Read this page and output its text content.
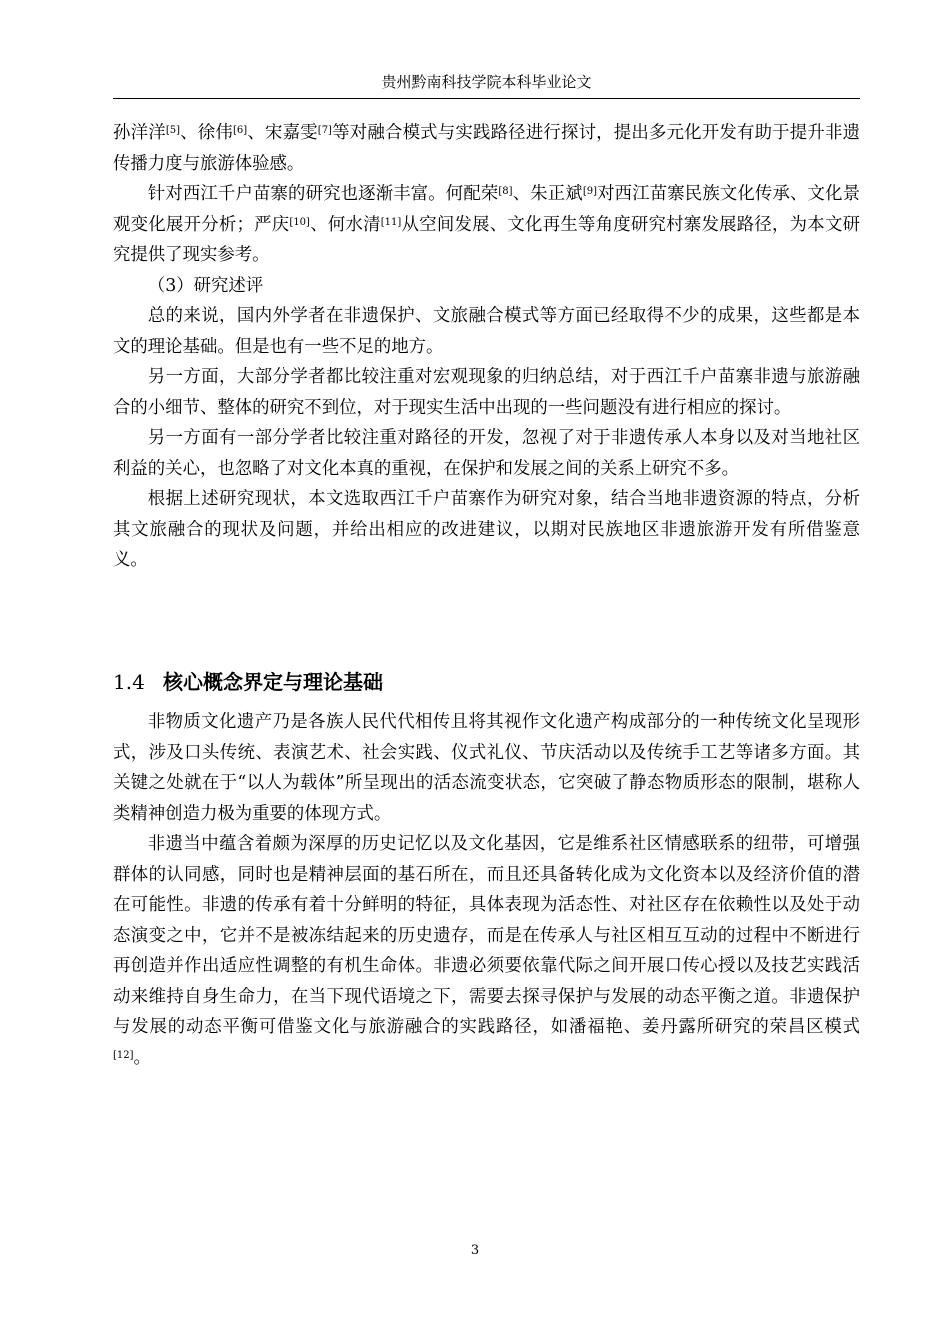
贵州黔南科技学院本科毕业论文

孙洋洋[5]、徐伟[6]、宋嘉雯[7]等对融合模式与实践路径进行探讨，提出多元化开发有助于提升非遗传播力度与旅游体验感。

针对西江千户苗寨的研究也逐渐丰富。何配荣[8]、朱正斌[9]对西江苗寨民族文化传承、文化景观变化展开分析；严庆[10]、何水清[11]从空间发展、文化再生等角度研究村寨发展路径，为本文研究提供了现实参考。

（3）研究述评

总的来说，国内外学者在非遗保护、文旅融合模式等方面已经取得不少的成果，这些都是本文的理论基础。但是也有一些不足的地方。

另一方面，大部分学者都比较注重对宏观现象的归纳总结，对于西江千户苗寨非遗与旅游融合的小细节、整体的研究不到位，对于现实生活中出现的一些问题没有进行相应的探讨。

另一方面有一部分学者比较注重对路径的开发，忽视了对于非遗传承人本身以及对当地社区利益的关心，也忽略了对文化本真的重视，在保护和发展之间的关系上研究不多。

根据上述研究现状，本文选取西江千户苗寨作为研究对象，结合当地非遗资源的特点，分析其文旅融合的现状及问题，并给出相应的改进建议，以期对民族地区非遗旅游开发有所借鉴意义。

1.4 核心概念界定与理论基础

非物质文化遗产乃是各族人民代代相传且将其视作文化遗产构成部分的一种传统文化呈现形式，涉及口头传统、表演艺术、社会实践、仪式礼仪、节庆活动以及传统手工艺等诸多方面。其关键之处就在于“以人为载体”所呈现出的活态流变状态，它突破了静态物质形态的限制，堪称人类精神创造力极为重要的体现方式。

非遗当中蕴含着颇为深厚的历史记忆以及文化基因，它是维系社区情感联系的纽带，可增强群体的认同感，同时也是精神层面的基石所在，而且还具备转化成为文化资本以及经济价值的潜在可能性。非遗的传承有着十分鲜明的特征，具体表现为活态性、对社区存在依赖性以及处于动态演变之中，它并不是被冻结起来的历史遗存，而是在传承人与社区相互互动的过程中不断进行再创造并作出适应性调整的有机生命体。非遗必须要依靠代际之间开展口传心授以及技艺实践活动来维持自身生命力，在当下现代语境之下，需要去探寻保护与发展的动态平衡之道。非遗保护与发展的动态平衡可借鉴文化与旅游融合的实践路径，如潘福艳、姜丹露所研究的荣昌区模式[12]。

3
